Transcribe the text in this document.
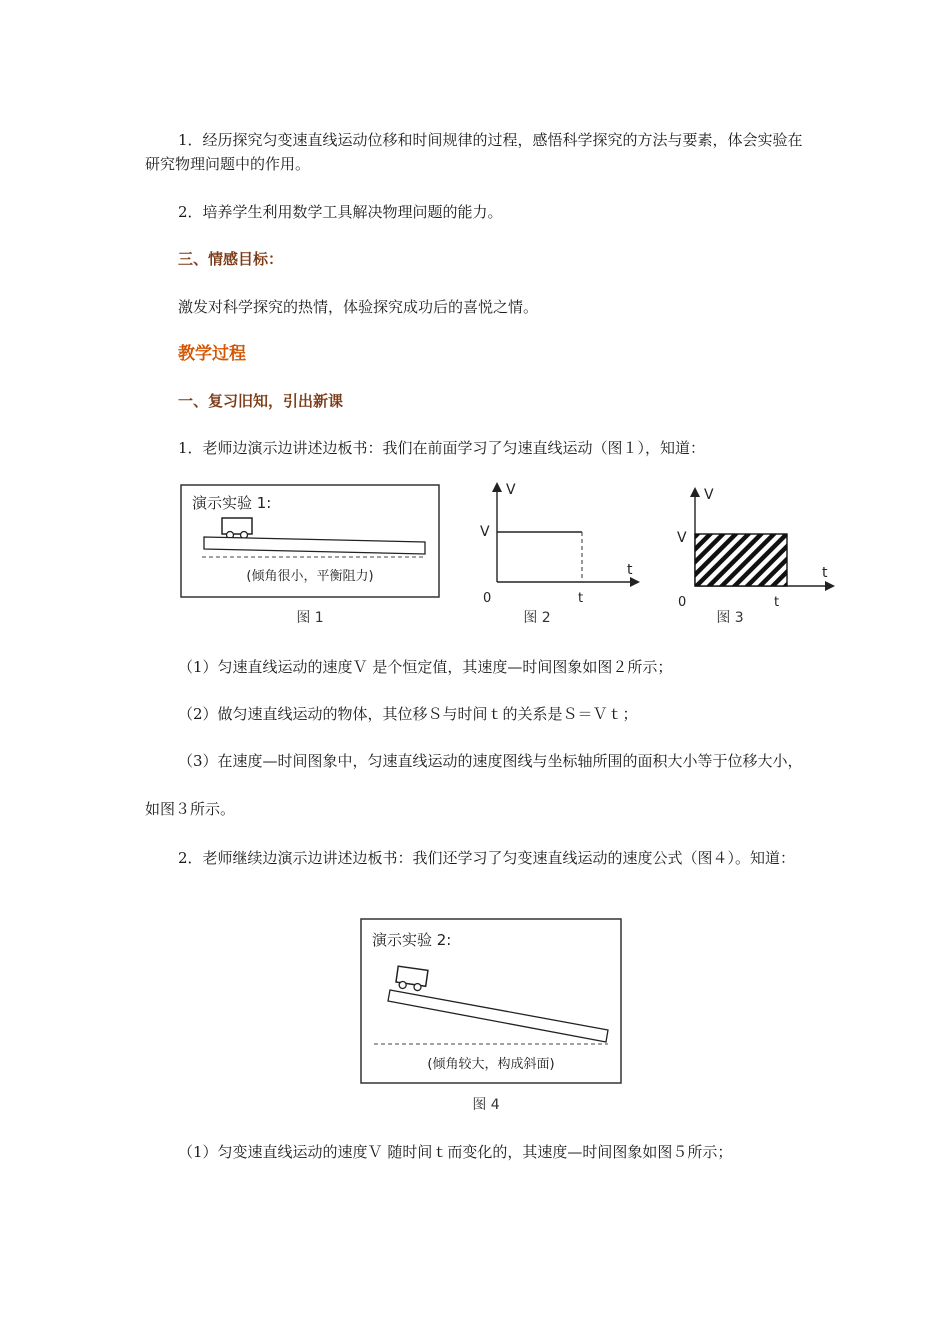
1．经历探究匀变速直线运动位移和时间规律的过程，感悟科学探究的方法与要素，体会实验在研究物理问题中的作用。

2．培养学生利用数学工具解决物理问题的能力。

三、情感目标：

激发对科学探究的热情，体验探究成功后的喜悦之情。

教学过程

一、复习旧知，引出新课

1．老师边演示边讲述边板书：我们在前面学习了匀速直线运动（图１），知道：

演示实验 1:
(倾角很小，平衡阻力)
图 1
V
V
t
0	t
图 2
V
V
t
0	t
图 3

（1）匀速直线运动的速度Ｖ 是个恒定值，其速度—时间图象如图２所示；

（2）做匀速直线运动的物体，其位移Ｓ与时间ｔ的关系是Ｓ＝Ｖｔ；

（3）在速度—时间图象中，匀速直线运动的速度图线与坐标轴所围的面积大小等于位移大小，

如图３所示。

2．老师继续边演示边讲述边板书：我们还学习了匀变速直线运动的速度公式（图４）。知道：

演示实验 2:
(倾角较大，构成斜面)
图 4

（1）匀变速直线运动的速度Ｖ 随时间ｔ而变化的，其速度—时间图象如图５所示；
